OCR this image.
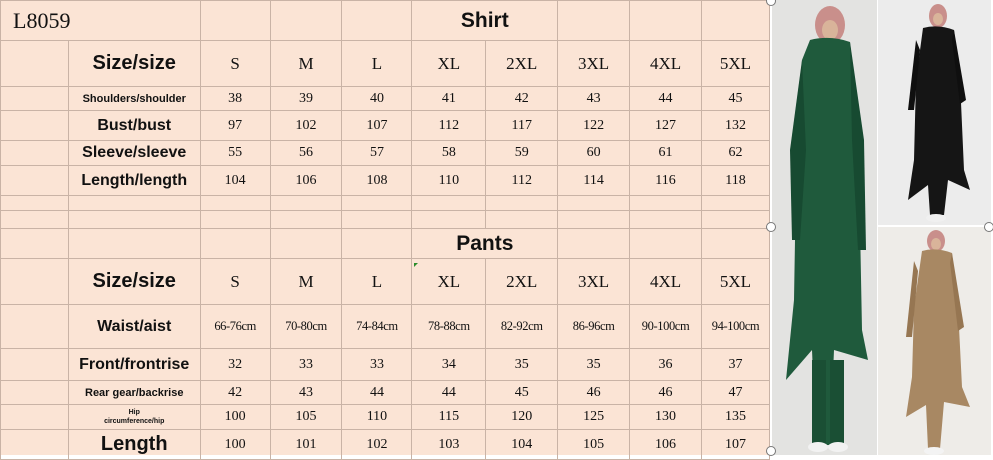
L8059					Shirt				
	Size/size	S	M	L	XL	2XL	3XL	4XL	5XL
	Shoulders/shoulder	38	39	40	41	42	43	44	45
	Bust/bust	97	102	107	112	117	122	127	132
	Sleeve/sleeve	55	56	57	58	59	60	61	62
	Length/length	104	106	108	110	112	114	116	118

					Pants				
	Size/size	S	M	L	XL	2XL	3XL	4XL	5XL
	Waist/aist	66-76cm	70-80cm	74-84cm	78-88cm	82-92cm	86-96cm	90-100cm	94-100cm
	Front/frontrise	32	33	33	34	35	35	36	37
	Rear gear/backrise	42	43	44	44	45	46	46	47

	Hip
circumference/hip	100	105	110	115	120	125	130	135
	Length	100	101	102	103	104	105	106	107
